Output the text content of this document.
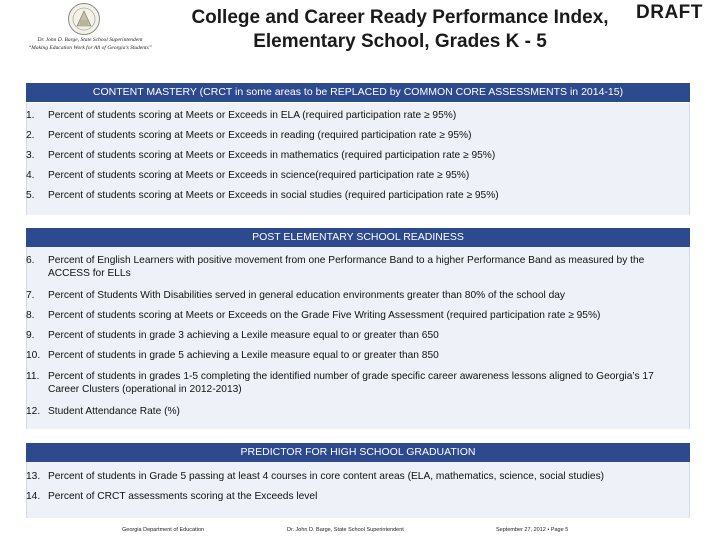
Dr. John D. Barge, State School Superintendent
“Making Education Work for All of Georgia’s Students”
College and Career Ready Performance Index,
Elementary School, Grades K - 5
DRAFT
CONTENT MASTERY (CRCT in some areas to be REPLACED by COMMON CORE ASSESSMENTS in 2014-15)
1.	Percent of students scoring at Meets or Exceeds in ELA (required participation rate ≥ 95%)
2.	Percent of students scoring at Meets or Exceeds in reading (required participation rate ≥ 95%)
3.	Percent of students scoring at Meets or Exceeds in mathematics (required participation rate ≥ 95%)
4.	Percent of students scoring at Meets or Exceeds in science(required participation rate ≥ 95%)
5.	Percent of students scoring at Meets or Exceeds in social studies (required participation rate ≥ 95%)
POST ELEMENTARY SCHOOL READINESS
6.	Percent of English Learners with positive movement from one Performance Band to a higher Performance Band as measured by the ACCESS for ELLs
7.	Percent of Students With Disabilities served in general education environments greater than 80% of the school day
8.	Percent of students scoring at Meets or Exceeds on the Grade Five Writing Assessment (required participation rate ≥ 95%)
9.	Percent of students in grade 3 achieving a Lexile measure equal to or greater than 650
10. Percent of students in grade 5 achieving a Lexile measure equal to or greater than 850
11. Percent of students in grades 1-5 completing the identified number of grade specific career awareness lessons aligned to Georgia’s 17 Career Clusters (operational in 2012-2013)
12. Student Attendance Rate (%)
PREDICTOR FOR HIGH SCHOOL GRADUATION
13. Percent of students in Grade 5 passing at least 4 courses in core content areas (ELA, mathematics, science, social studies)
14. Percent of CRCT assessments scoring at the Exceeds level
Georgia Department of Education	Dr. John D. Barge, State School Superintendent	September 27, 2012 • Page 5
